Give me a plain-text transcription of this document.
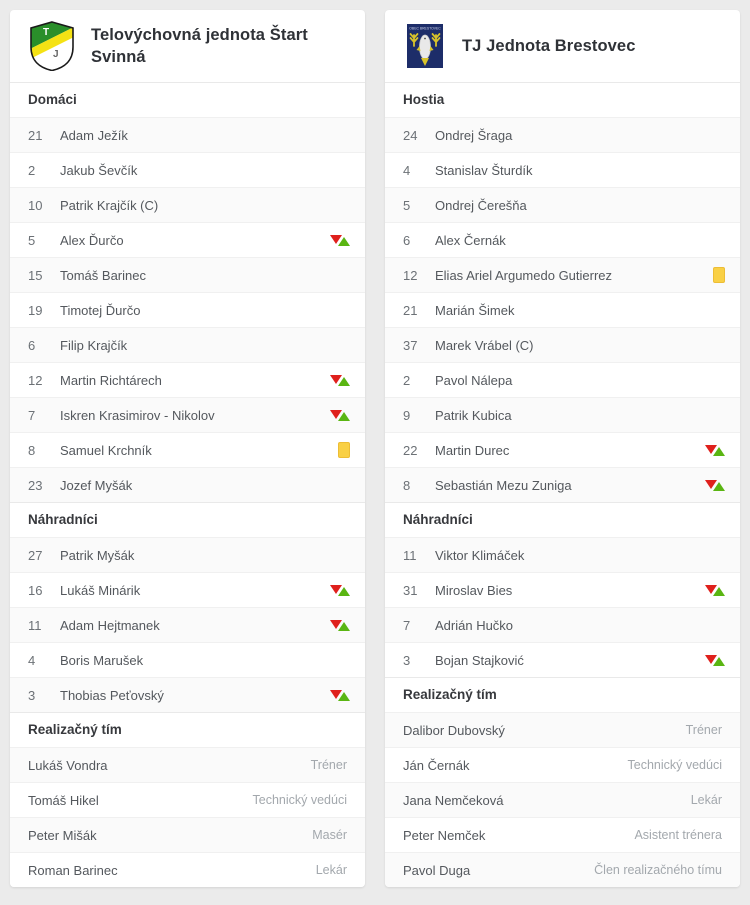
T
J
Telovýchovná jednota Štart Svinná
Domáci
21	Adam Ježík
2	Jakub Ševčík
10	Patrik Krajčík (C)
5	Alex Ďurčo
15	Tomáš Barinec
19	Timotej Ďurčo
6	Filip Krajčík
12	Martin Richtárech
7	Iskren Krasimirov - Nikolov
8	Samuel Krchník
23	Jozef Myšák
Náhradníci
27	Patrik Myšák
16	Lukáš Minárik
11	Adam Hejtmanek
4	Boris Marušek
3	Thobias Peťovský
Realizačný tím
Lukáš Vondra	Tréner
Tomáš Hikel	Technický vedúci
Peter Mišák	Masér
Roman Barinec	Lekár
OBEC BRESTOVEC
TJ Jednota Brestovec
Hostia
24	Ondrej Šraga
4	Stanislav Šturdík
5	Ondrej Čerešňa
6	Alex Černák
12	Elias Ariel Argumedo Gutierrez
21	Marián Šimek
37	Marek Vrábel (C)
2	Pavol Nálepa
9	Patrik Kubica
22	Martin Durec
8	Sebastián Mezu Zuniga
Náhradníci
11	Viktor Klimáček
31	Miroslav Bies
7	Adrián Hučko
3	Bojan Stajković
Realizačný tím
Dalibor Dubovský	Tréner
Ján Černák	Technický vedúci
Jana Nemčeková	Lekár
Peter Nemček	Asistent trénera
Pavol Duga	Člen realizačného tímu
